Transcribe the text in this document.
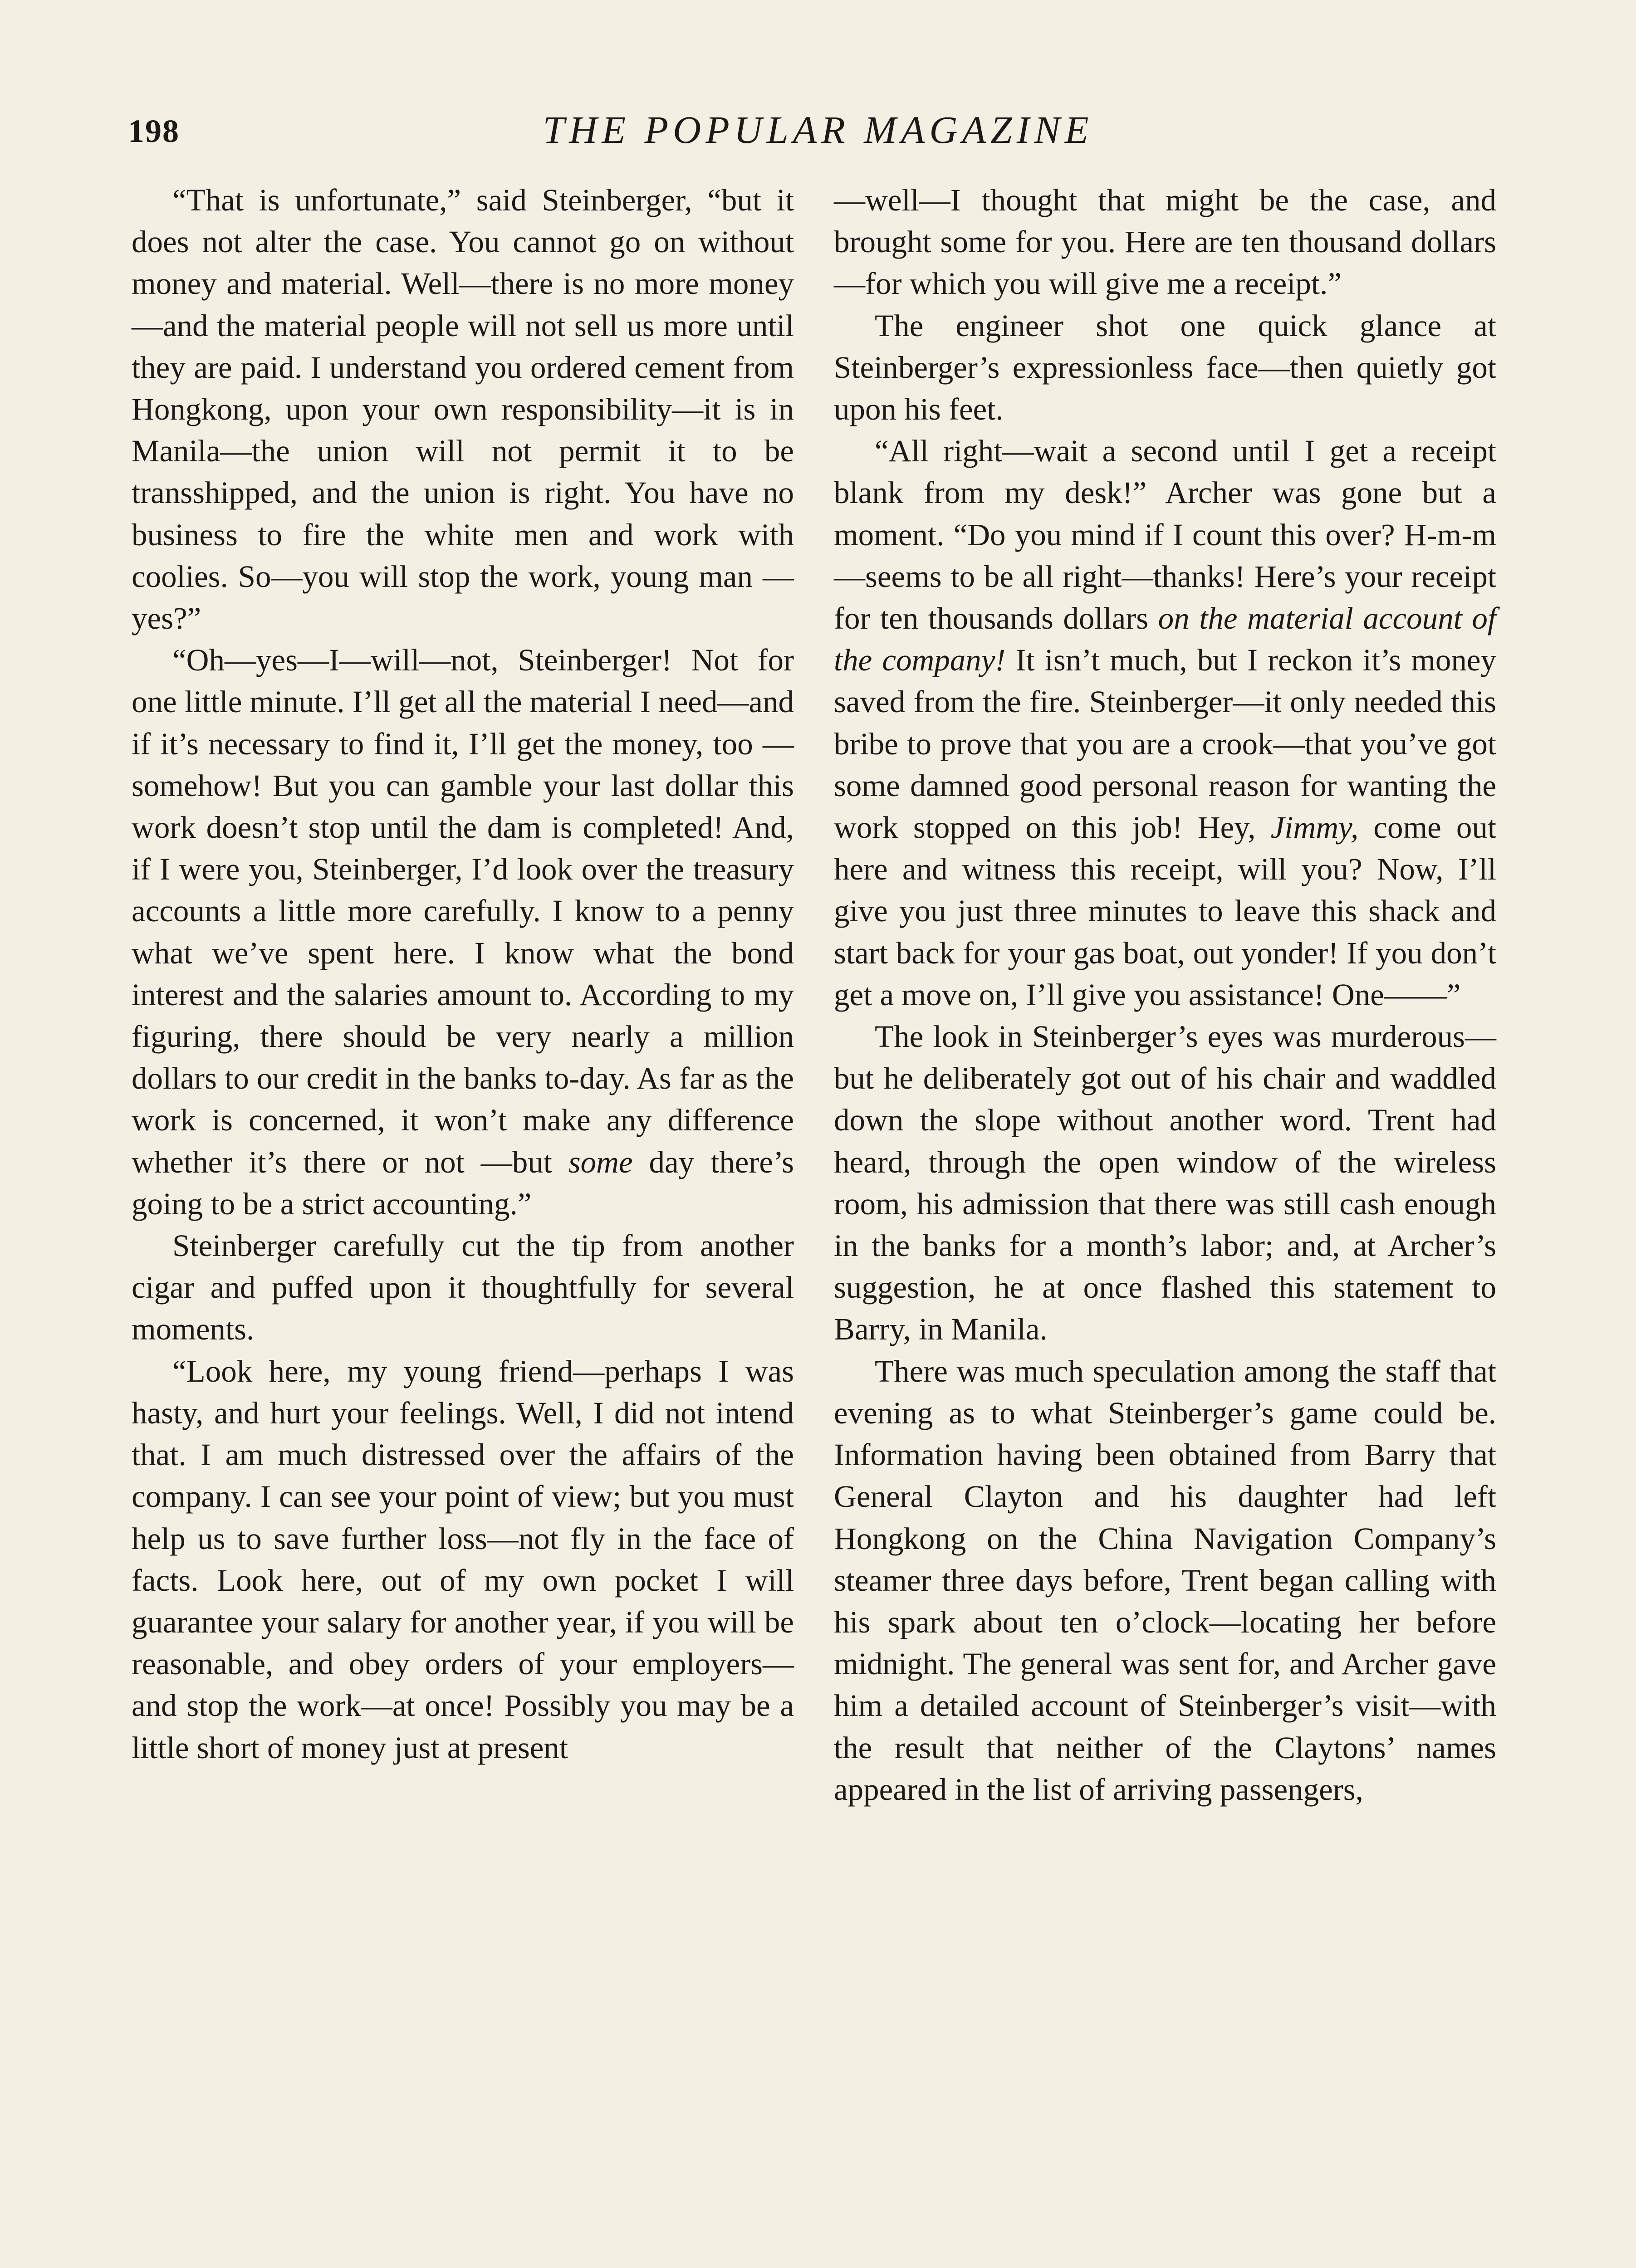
198	THE POPULAR MAGAZINE

“That is unfortunate,” said Steinberger, “but it does not alter the case. You cannot go on without money and material. Well—there is no more money —and the material people will not sell us more until they are paid. I understand you ordered cement from Hongkong, upon your own responsibility—it is in Manila—the union will not permit it to be transshipped, and the union is right. You have no business to fire the white men and work with coolies. So—you will stop the work, young man —yes?”

“Oh—yes—I—will—not, Steinberger! Not for one little minute. I’ll get all the material I need—and if it’s necessary to find it, I’ll get the money, too —somehow! But you can gamble your last dollar this work doesn’t stop until the dam is completed! And, if I were you, Steinberger, I’d look over the treasury accounts a little more carefully. I know to a penny what we’ve spent here. I know what the bond interest and the salaries amount to. According to my figuring, there should be very nearly a million dollars to our credit in the banks to-day. As far as the work is concerned, it won’t make any difference whether it’s there or not —but some day there’s going to be a strict accounting.”

Steinberger carefully cut the tip from another cigar and puffed upon it thoughtfully for several moments.

“Look here, my young friend—perhaps I was hasty, and hurt your feelings. Well, I did not intend that. I am much distressed over the affairs of the company. I can see your point of view; but you must help us to save further loss—not fly in the face of facts. Look here, out of my own pocket I will guarantee your salary for another year, if you will be reasonable, and obey orders of your employers—and stop the work—at once! Possibly you may be a little short of money just at present

—well—I thought that might be the case, and brought some for you. Here are ten thousand dollars—for which you will give me a receipt.”

The engineer shot one quick glance at Steinberger’s expressionless face—then quietly got upon his feet.

“All right—wait a second until I get a receipt blank from my desk!” Archer was gone but a moment. “Do you mind if I count this over? H-m-m—seems to be all right—thanks! Here’s your receipt for ten thousands dollars on the material account of the company! It isn’t much, but I reckon it’s money saved from the fire. Steinberger—it only needed this bribe to prove that you are a crook—that you’ve got some damned good personal reason for wanting the work stopped on this job! Hey, Jimmy, come out here and witness this receipt, will you? Now, I’ll give you just three minutes to leave this shack and start back for your gas boat, out yonder! If you don’t get a move on, I’ll give you assistance! One——”

The look in Steinberger’s eyes was murderous—but he deliberately got out of his chair and waddled down the slope without another word. Trent had heard, through the open window of the wireless room, his admission that there was still cash enough in the banks for a month’s labor; and, at Archer’s suggestion, he at once flashed this statement to Barry, in Manila.

There was much speculation among the staff that evening as to what Steinberger’s game could be. Information having been obtained from Barry that General Clayton and his daughter had left Hongkong on the China Navigation Company’s steamer three days before, Trent began calling with his spark about ten o’clock—locating her before midnight. The general was sent for, and Archer gave him a detailed account of Steinberger’s visit—with the result that neither of the Claytons’ names appeared in the list of arriving passengers,
